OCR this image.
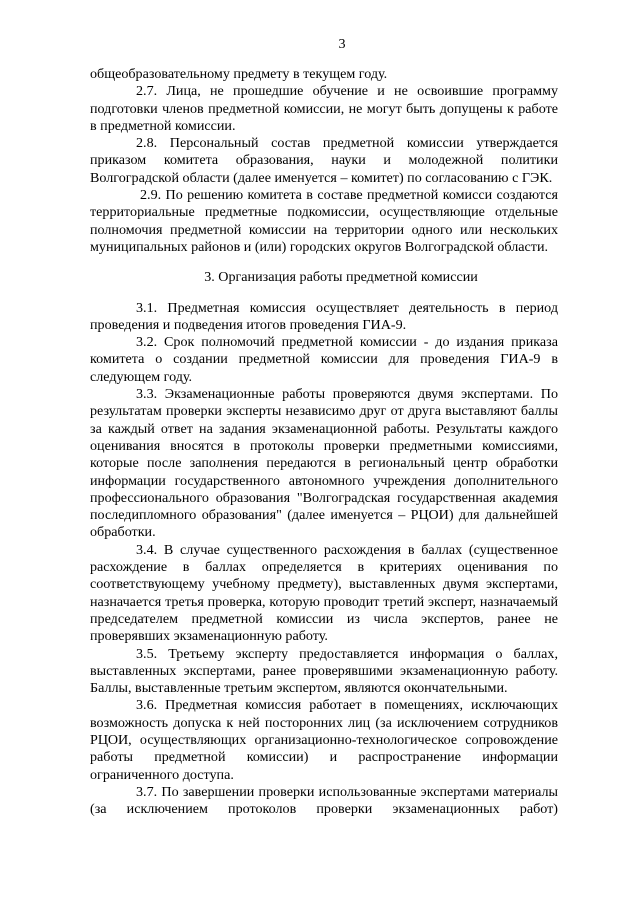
3

общеобразовательному предмету в текущем году.

2.7. Лица, не прошедшие обучение и не освоившие программу подготовки членов предметной комиссии, не могут быть допущены к работе в предметной комиссии.

2.8. Персональный состав предметной комиссии утверждается приказом комитета образования, науки и молодежной политики Волгоградской области (далее именуется – комитет) по согласованию с ГЭК.

2.9. По решению комитета в составе предметной комисси создаются территориальные предметные подкомиссии, осуществляющие отдельные полномочия предметной комиссии на территории одного или нескольких муниципальных районов и (или) городских округов Волгоградской области.

3. Организация работы предметной комиссии

3.1. Предметная комиссия осуществляет деятельность в период проведения и подведения итогов проведения ГИА-9.

3.2. Срок полномочий предметной комиссии - до издания приказа комитета о создании предметной комиссии для проведения ГИА-9 в следующем году.

3.3. Экзаменационные работы проверяются двумя экспертами. По результатам проверки эксперты независимо друг от друга выставляют баллы за каждый ответ на задания экзаменационной работы. Результаты каждого оценивания вносятся в протоколы проверки предметными комиссиями, которые после заполнения передаются в региональный центр обработки информации государственного автономного учреждения дополнительного профессионального образования "Волгоградская государственная академия последипломного образования" (далее именуется – РЦОИ) для дальнейшей обработки.

3.4. В случае существенного расхождения в баллах (существенное расхождение в баллах определяется в критериях оценивания по соответствующему учебному предмету), выставленных двумя экспертами, назначается третья проверка, которую проводит третий эксперт, назначаемый председателем предметной комиссии из числа экспертов, ранее не проверявших экзаменационную работу.

3.5. Третьему эксперту предоставляется информация о баллах, выставленных экспертами, ранее проверявшими экзаменационную работу. Баллы, выставленные третьим экспертом, являются окончательными.

3.6. Предметная комиссия работает в помещениях, исключающих возможность допуска к ней посторонних лиц (за исключением сотрудников РЦОИ, осуществляющих организационно-технологическое сопровождение работы предметной комиссии) и распространение информации ограниченного доступа.

3.7. По завершении проверки использованные экспертами материалы (за исключением протоколов проверки экзаменационных работ)
